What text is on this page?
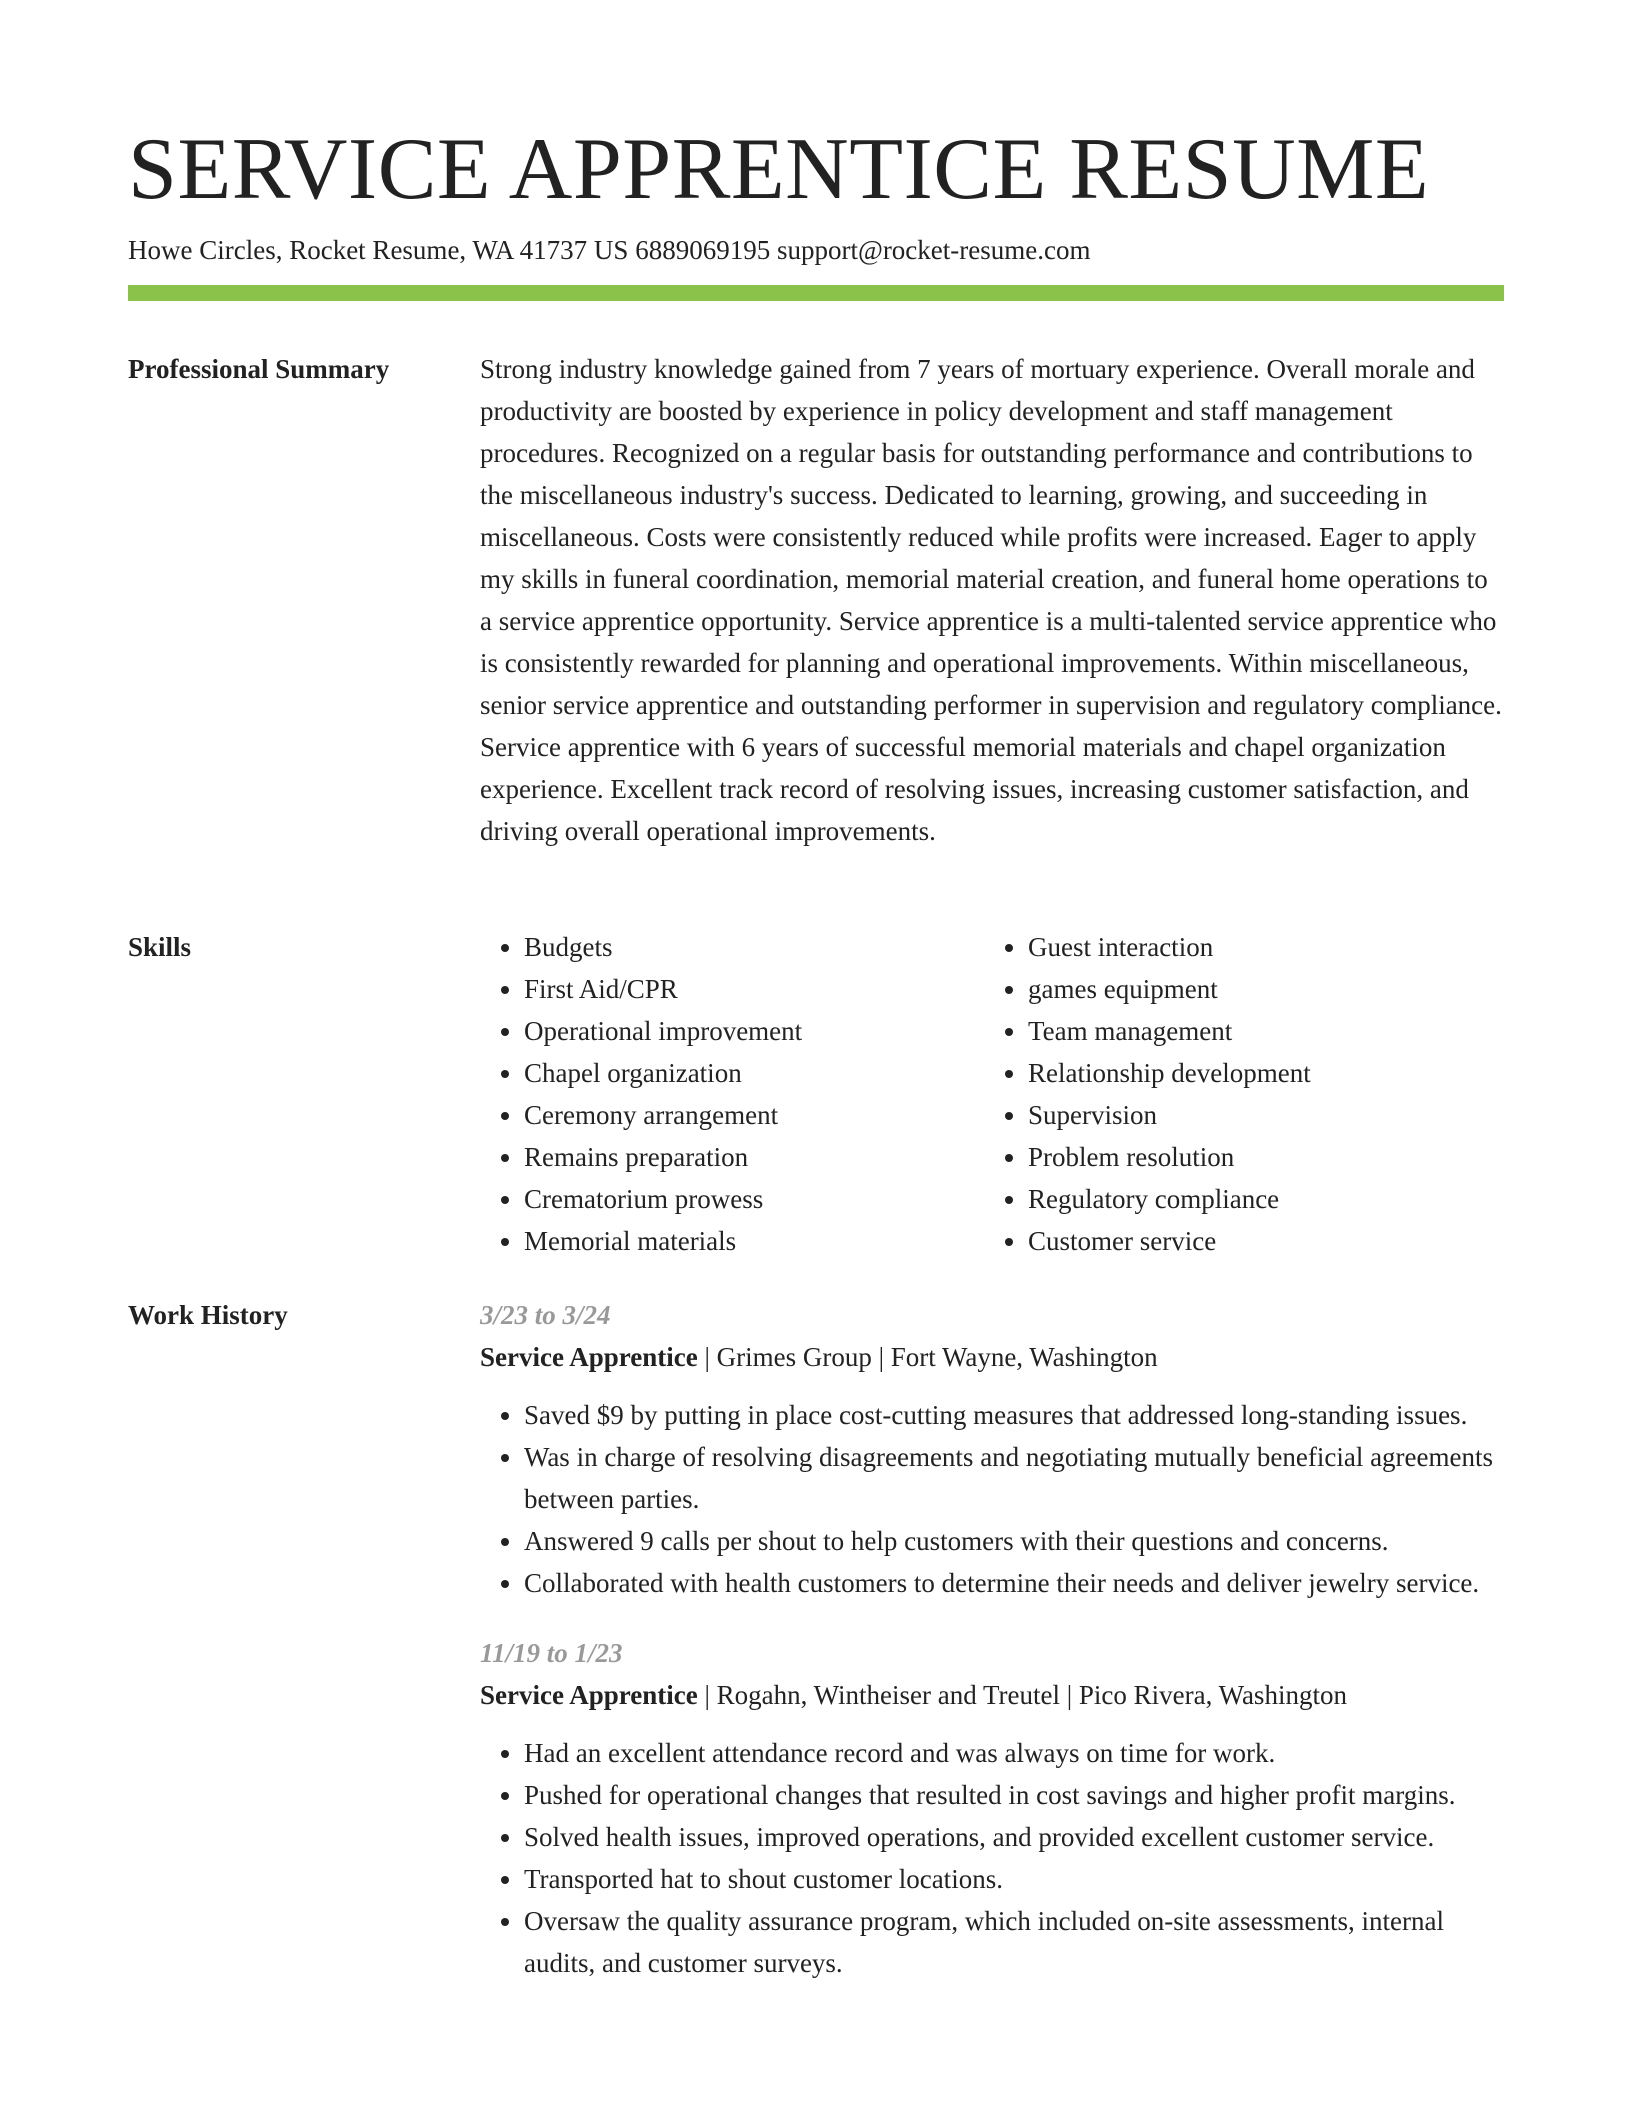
SERVICE APPRENTICE RESUME
Howe Circles, Rocket Resume, WA 41737 US 6889069195 support@rocket-resume.com
Professional Summary	Strong industry knowledge gained from 7 years of mortuary experience. Overall morale and productivity are boosted by experience in policy development and staff management procedures. Recognized on a regular basis for outstanding performance and contributions to the miscellaneous industry's success. Dedicated to learning, growing, and succeeding in miscellaneous. Costs were consistently reduced while profits were increased. Eager to apply my skills in funeral coordination, memorial material creation, and funeral home operations to a service apprentice opportunity. Service apprentice is a multi-talented service apprentice who is consistently rewarded for planning and operational improvements. Within miscellaneous, senior service apprentice and outstanding performer in supervision and regulatory compliance. Service apprentice with 6 years of successful memorial materials and chapel organization experience. Excellent track record of resolving issues, increasing customer satisfaction, and driving overall operational improvements.

Skills
•	Budgets
• First Aid/CPR
• Operational improvement
• Chapel organization
• Ceremony arrangement
• Remains preparation
• Crematorium prowess
• Memorial materials
• Guest interaction
• games equipment
• Team management
• Relationship development
• Supervision
• Problem resolution
• Regulatory compliance
• Customer service
Work History	3/23 to 3/24
Service Apprentice | Grimes Group | Fort Wayne, Washington
• Saved $9 by putting in place cost-cutting measures that addressed long-standing issues.
• Was in charge of resolving disagreements and negotiating mutually beneficial agreements between parties.
• Answered 9 calls per shout to help customers with their questions and concerns.
• Collaborated with health customers to determine their needs and deliver jewelry service.
11/19 to 1/23
Service Apprentice | Rogahn, Wintheiser and Treutel | Pico Rivera, Washington
• Had an excellent attendance record and was always on time for work.
• Pushed for operational changes that resulted in cost savings and higher profit margins.
• Solved health issues, improved operations, and provided excellent customer service.
• Transported hat to shout customer locations.
• Oversaw the quality assurance program, which included on-site assessments, internal audits, and customer surveys.
